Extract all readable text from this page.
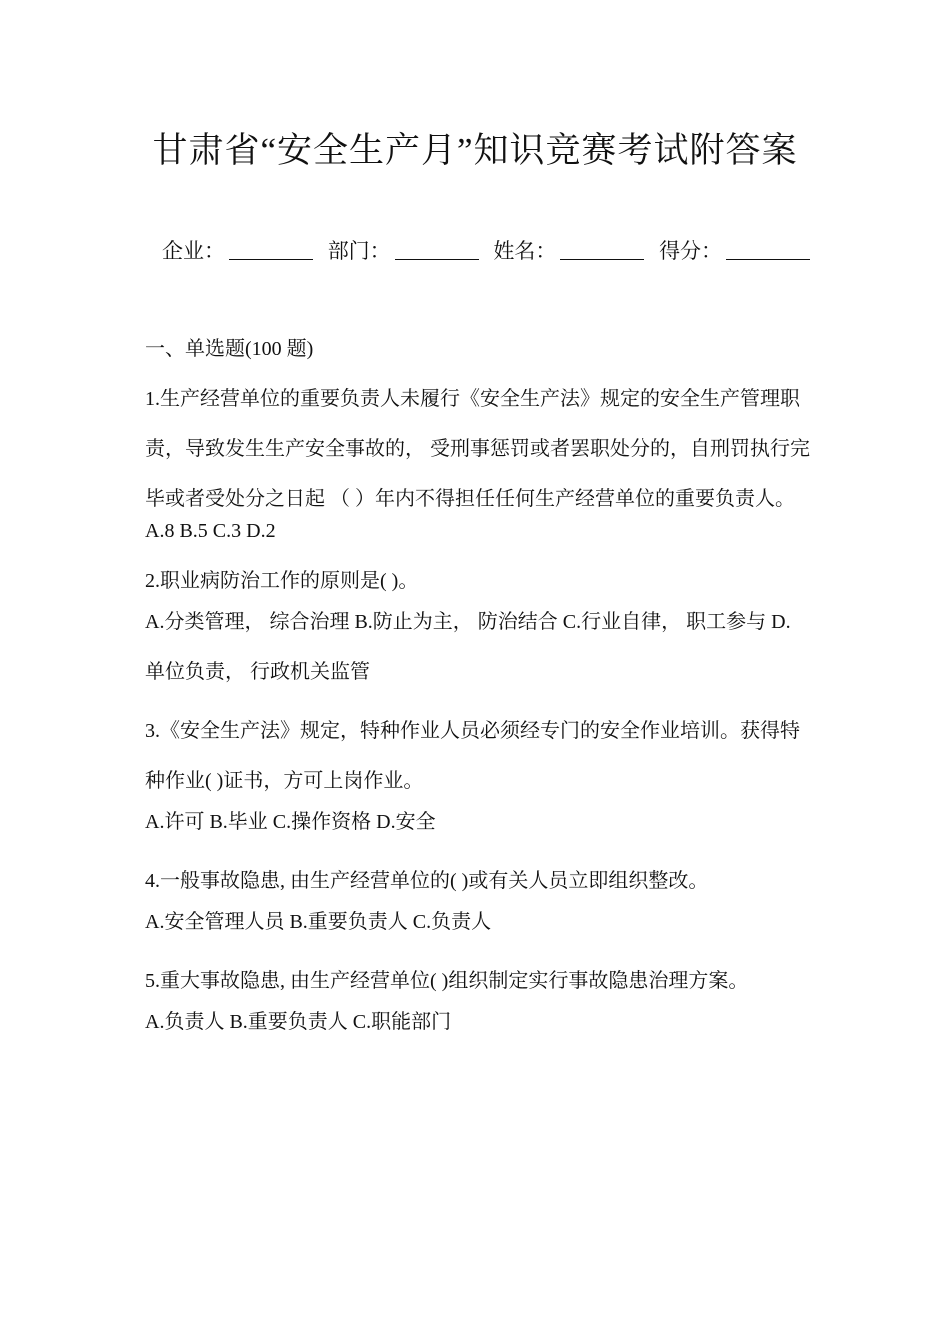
甘肃省“安全生产月”知识竞赛考试附答案
企业：	部门：	姓名：	得分：
一、单选题(100 题)

1.生产经营单位的重要负责人未履行《安全生产法》规定的安全生产管理职责，导致发生生产安全事故的， 受刑事惩罚或者罢职处分的，自刑罚执行完毕或者受处分之日起 （ ）年内不得担任任何生产经营单位的重要负责人。

A.8 B.5 C.3 D.2

2.职业病防治工作的原则是( )。

A.分类管理， 综合治理 B.防止为主， 防治结合 C.行业自律， 职工参与 D.单位负责， 行政机关监管

3.《安全生产法》规定，特种作业人员必须经专门的安全作业培训。获得特种作业( )证书，方可上岗作业。

A.许可 B.毕业 C.操作资格 D.安全

4.一般事故隐患, 由生产经营单位的( )或有关人员立即组织整改。

A.安全管理人员 B.重要负责人 C.负责人

5.重大事故隐患, 由生产经营单位( )组织制定实行事故隐患治理方案。

A.负责人 B.重要负责人 C.职能部门
